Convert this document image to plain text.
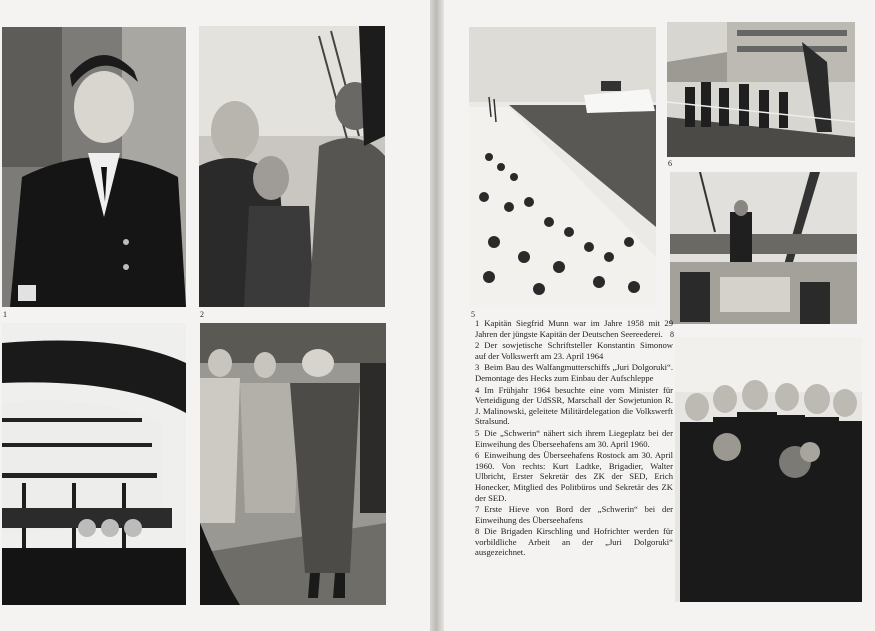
1	2	5
6
8

1 Kapitän Siegfrid Munn war im Jahre 1958 mit 29 Jahren der jüngste Kapitän der Deutschen Seereederei.

2 Der sowjetische Schriftsteller Konstantin Simonow auf der Volkswerft am 23. April 1964

3 Beim Bau des Walfangmutterschiffs „Juri Dolgoruki“. Demontage des Hecks zum Einbau der Aufschleppe

4 Im Frühjahr 1964 besuchte eine vom Minister für Verteidigung der UdSSR, Marschall der Sowjetunion R. J. Malinowski, geleitete Militärdelegation die Volkswerft Stralsund.

5 Die „Schwerin“ nähert sich ihrem Liegeplatz bei der Einweihung des Überseehafens am 30. April 1960.

6 Einweihung des Überseehafens Rostock am 30. April 1960. Von rechts: Kurt Ladtke, Brigadier, Walter Ulbricht, Erster Sekretär des ZK der SED, Erich Honecker, Mitglied des Politbüros und Sekretär des ZK der SED.

7 Erste Hieve von Bord der „Schwerin“ bei der Einweihung des Überseehafens

8 Die Brigaden Kirschling und Hofrichter werden für vorbildliche Arbeit an der „Juri Dolgoruki“ ausgezeichnet.
